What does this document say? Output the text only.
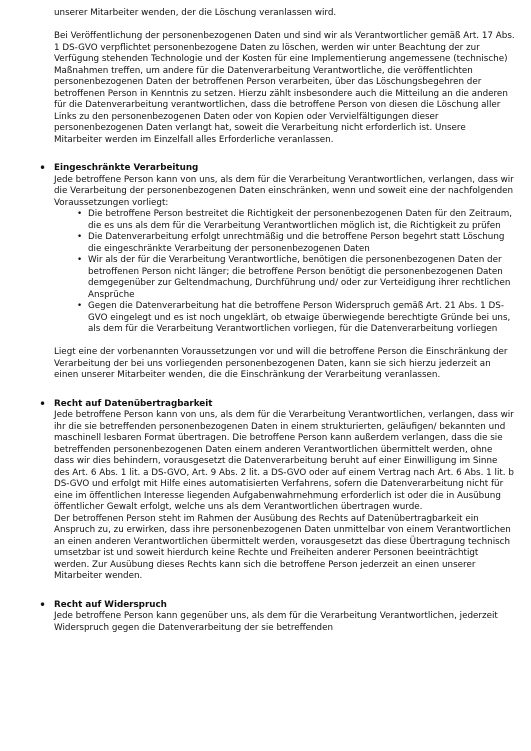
unserer Mitarbeiter wenden, der die Löschung veranlassen wird.

Bei Veröffentlichung der personenbezogenen Daten und sind wir als Verantwortlicher gemäß Art. 17 Abs. 1 DS-GVO verpflichtet personenbezogene Daten zu löschen, werden wir unter Beachtung der zur Verfügung stehenden Technologie und der Kosten für eine Implementierung angemessene (technische) Maßnahmen treffen, um andere für die Datenverarbeitung Verantwortliche, die veröffentlichten personenbezogenen Daten der betroffenen Person verarbeiten, über das Löschungsbegehren der betroffenen Person in Kenntnis zu setzen. Hierzu zählt insbesondere auch die Mitteilung an die anderen für die Datenverarbeitung verantwortlichen, dass die betroffene Person von diesen die Löschung aller Links zu den personenbezogenen Daten oder von Kopien oder Vervielfältigungen dieser personenbezogenen Daten verlangt hat, soweit die Verarbeitung nicht erforderlich ist. Unsere Mitarbeiter werden im Einzelfall alles Erforderliche veranlassen.

• Eingeschränkte Verarbeitung

Jede betroffene Person kann von uns, als dem für die Verarbeitung Verantwortlichen, verlangen, dass wir die Verarbeitung der personenbezogenen Daten einschränken, wenn und soweit eine der nachfolgenden Voraussetzungen vorliegt:

• Die betroffene Person bestreitet die Richtigkeit der personenbezogenen Daten für den Zeitraum, die es uns als dem für die Verarbeitung Verantwortlichen möglich ist, die Richtigkeit zu prüfen
• Die Datenverarbeitung erfolgt unrechtmäßig und die betroffene Person begehrt statt Löschung die eingeschränkte Verarbeitung der personenbezogenen Daten
• Wir als der für die Verarbeitung Verantwortliche, benötigen die personenbezogenen Daten der betroffenen Person nicht länger; die betroffene Person benötigt die personenbezogenen Daten demgegenüber zur Geltendmachung, Durchführung und/ oder zur Verteidigung ihrer rechtlichen Ansprüche
• Gegen die Datenverarbeitung hat die betroffene Person Widerspruch gemäß Art. 21 Abs. 1 DS-GVO eingelegt und es ist noch ungeklärt, ob etwaige überwiegende berechtigte Gründe bei uns, als dem für die Verarbeitung Verantwortlichen vorliegen, für die Datenverarbeitung vorliegen

Liegt eine der vorbenannten Voraussetzungen vor und will die betroffene Person die Einschränkung der Verarbeitung der bei uns vorliegenden personenbezogenen Daten, kann sie sich hierzu jederzeit an einen unserer Mitarbeiter wenden, die die Einschränkung der Verarbeitung veranlassen.

• Recht auf Datenübertragbarkeit

Jede betroffene Person kann von uns, als dem für die Verarbeitung Verantwortlichen, verlangen, dass wir ihr die sie betreffenden personenbezogenen Daten in einem strukturierten, geläufigen/ bekannten und maschinell lesbaren Format übertragen. Die betroffene Person kann außerdem verlangen, dass die sie betreffenden personenbezogenen Daten einem anderen Verantwortlichen übermittelt werden, ohne dass wir dies behindern, vorausgesetzt die Datenverarbeitung beruht auf einer Einwilligung im Sinne des Art. 6 Abs. 1 lit. a DS-GVO, Art. 9 Abs. 2 lit. a DS-GVO oder auf einem Vertrag nach Art. 6 Abs. 1 lit. b DS-GVO und erfolgt mit Hilfe eines automatisierten Verfahrens, sofern die Datenverarbeitung nicht für eine im öffentlichen Interesse liegenden Aufgabenwahrnehmung erforderlich ist oder die in Ausübung öffentlicher Gewalt erfolgt, welche uns als dem Verantwortlichen übertragen wurde.

Der betroffenen Person steht im Rahmen der Ausübung des Rechts auf Datenübertragbarkeit ein Anspruch zu, zu erwirken, dass ihre personenbezogenen Daten unmittelbar von einem Verantwortlichen an einen anderen Verantwortlichen übermittelt werden, vorausgesetzt das diese Übertragung technisch umsetzbar ist und soweit hierdurch keine Rechte und Freiheiten anderer Personen beeinträchtigt werden. Zur Ausübung dieses Rechts kann sich die betroffene Person jederzeit an einen unserer Mitarbeiter wenden.

• Recht auf Widerspruch

Jede betroffene Person kann gegenüber uns, als dem für die Verarbeitung Verantwortlichen, jederzeit Widerspruch gegen die Datenverarbeitung der sie betreffenden
